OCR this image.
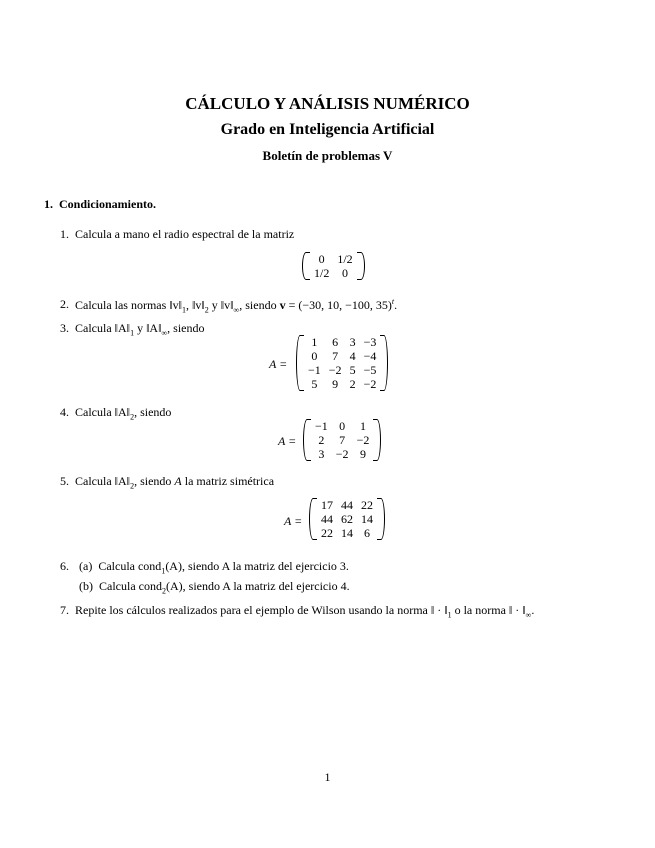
CÁLCULO Y ANÁLISIS NUMÉRICO
Grado en Inteligencia Artificial
Boletín de problemas V
1. Condicionamiento.
1. Calcula a mano el radio espectral de la matriz
0	1/2
1/2	0
2. Calcula las normas $‖v‖_1$, $‖v‖_2$ y $‖v‖_\infty$, siendo v = (−30, 10, −100, 35)$^t$.
3. Calcula $‖A‖_1$ y $‖A‖_\infty$, siendo
A =
1	6	3	−3
0	7	4	−4
−1	−2	5	−5
5	9	2	−2
4. Calcula $‖A‖_2$, siendo
A =
−1	0	1
2	7	−2
3	−2	9
5. Calcula $‖A‖_2$, siendo A la matriz simétrica
A =
17	44	22
44	62	14
22	14	6
6. (a) Calcula cond$_1$(A), siendo A la matriz del ejercicio 3.
(b) Calcula cond$_2$(A), siendo A la matriz del ejercicio 4.
7. Repite los cálculos realizados para el ejemplo de Wilson usando la norma ‖ · $‖_1$ o la norma ‖ · $‖_\infty$.
1
